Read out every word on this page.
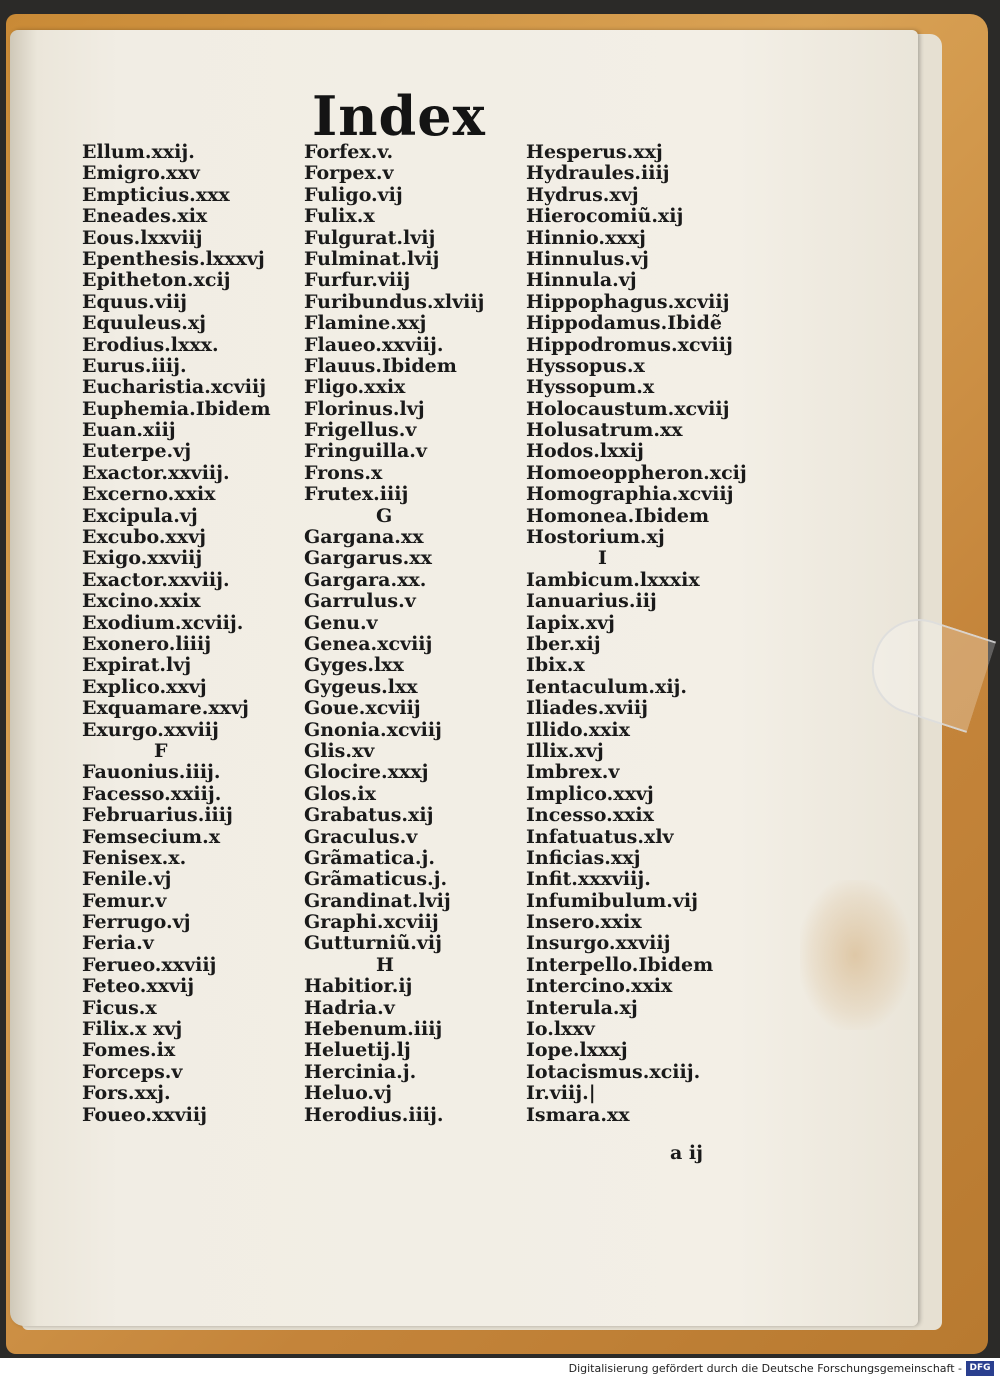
Index
Ellum.xxij.
Emigro.xxv
Empticius.xxx
Eneades.xix
Eous.lxxviij
Epenthesis.lxxxvj
Epitheton.xcij
Equus.viij
Equuleus.xj
Erodius.lxxx.
Eurus.iiij.
Eucharistia.xcviij
Euphemia.Ibidem
Euan.xiij
Euterpe.vj
Exactor.xxviij.
Excerno.xxix
Excipula.vj
Excubo.xxvj
Exigo.xxviij
Exactor.xxviij.
Excino.xxix
Exodium.xcviij.
Exonero.liiij
Expirat.lvj
Explico.xxvj
Exquamare.xxvj
Exurgo.xxviij
F
Fauonius.iiij.
Facesso.xxiij.
Februarius.iiij
Femsecium.x
Fenisex.x.
Fenile.vj
Femur.v
Ferrugo.vj
Feria.v
Ferueo.xxviij
Feteo.xxvij
Ficus.x
Filix.x xvj
Fomes.ix
Forceps.v
Fors.xxj.
Foueo.xxviij
Forfex.v.
Forpex.v
Fuligo.vij
Fulix.x
Fulgurat.lvij
Fulminat.lvij
Furfur.viij
Furibundus.xlviij
Flamine.xxj
Flaueo.xxviij.
Flauus.Ibidem
Fligo.xxix
Florinus.lvj
Frigellus.v
Fringuilla.v
Frons.x
Frutex.iiij
G
Gargana.xx
Gargarus.xx
Gargara.xx.
Garrulus.v
Genu.v
Genea.xcviij
Gyges.lxx
Gygeus.lxx
Goue.xcviij
Gnonia.xcviij
Glis.xv
Glocire.xxxj
Glos.ix
Grabatus.xij
Graculus.v
Grãmatica.j.
Grãmaticus.j.
Grandinat.lvij
Graphi.xcviij
Gutturniũ.vij
H
Habitior.ij
Hadria.v
Hebenum.iiij
Heluetij.lj
Hercinia.j.
Heluo.vj
Herodius.iiij.
Hesperus.xxj
Hydraules.iiij
Hydrus.xvj
Hierocomiũ.xij
Hinnio.xxxj
Hinnulus.vj
Hinnula.vj
Hippophagus.xcviij
Hippodamus.Ibidẽ
Hippodromus.xcviij
Hyssopus.x
Hyssopum.x
Holocaustum.xcviij
Holusatrum.xx
Hodos.lxxij
Homoeoppheron.xcij
Homographia.xcviij
Homonea.Ibidem
Hostorium.xj
I
Iambicum.lxxxix
Ianuarius.iij
Iapix.xvj
Iber.xij
Ibix.x
Ientaculum.xij.
Iliades.xviij
Illido.xxix
Illix.xvj
Imbrex.v
Implico.xxvj
Incesso.xxix
Infatuatus.xlv
Inficias.xxj
Infit.xxxviij.
Infumibulum.vij
Insero.xxix
Insurgo.xxviij
Interpello.Ibidem
Intercino.xxix
Interula.xj
Io.lxxv
Iope.lxxxj
Iotacismus.xciij.
Ir.viij.|
Ismara.xx
a ij
Digitalisierung gefördert durch die Deutsche Forschungsgemeinschaft - DFG
